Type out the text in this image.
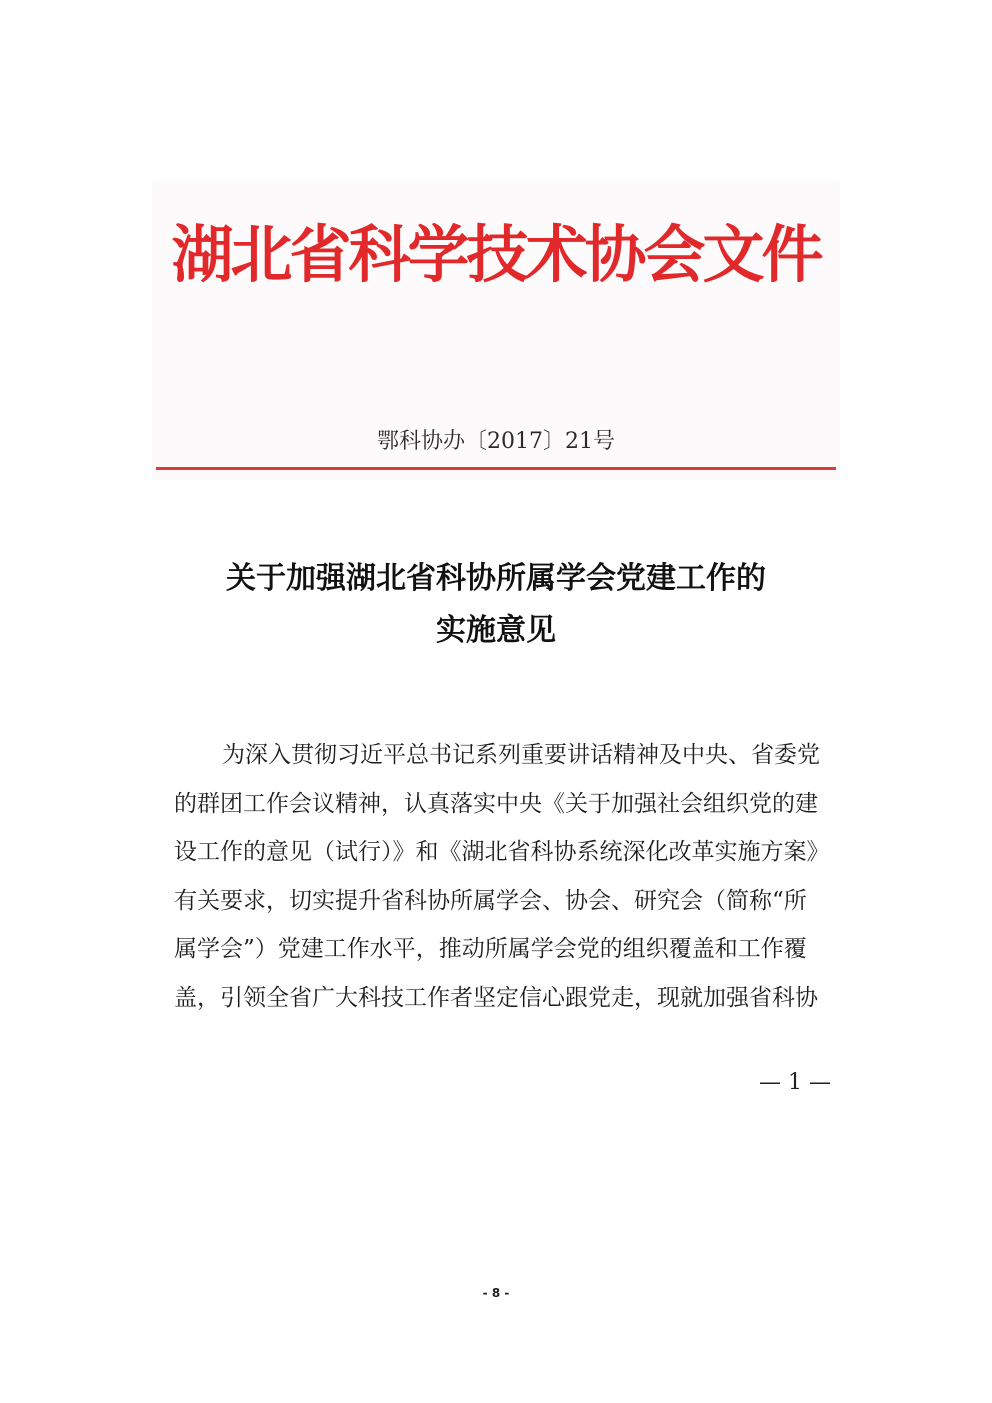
湖北省科学技术协会文件
鄂科协办〔2017〕21号
关于加强湖北省科协所属学会党建工作的
实施意见
为深入贯彻习近平总书记系列重要讲话精神及中央、省委党
的群团工作会议精神，认真落实中央《关于加强社会组织党的建
设工作的意见（试行）》和《湖北省科协系统深化改革实施方案》
有关要求，切实提升省科协所属学会、协会、研究会（简称“所
属学会”）党建工作水平，推动所属学会党的组织覆盖和工作覆
盖，引领全省广大科技工作者坚定信心跟党走，现就加强省科协
— 1 —
- 8 -
